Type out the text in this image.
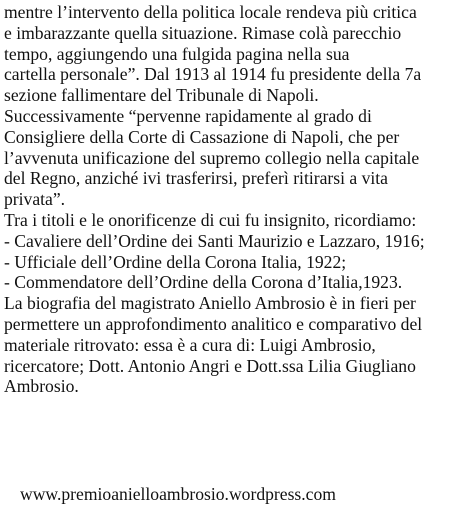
mentre l’intervento della politica locale rendeva più critica
e imbarazzante quella situazione. Rimase colà parecchio
tempo, aggiungendo una fulgida pagina nella sua
cartella personale”. Dal 1913 al 1914 fu presidente della 7a
sezione fallimentare del Tribunale di Napoli.
Successivamente “pervenne rapidamente al grado di
Consigliere della Corte di Cassazione di Napoli, che per
l’avvenuta unificazione del supremo collegio nella capitale
del Regno, anziché ivi trasferirsi, preferì ritirarsi a vita
privata”.
Tra i titoli e le onorificenze di cui fu insignito, ricordiamo:
- Cavaliere dell’Ordine dei Santi Maurizio e Lazzaro, 1916;
- Ufficiale dell’Ordine della Corona Italia, 1922;
- Commendatore dell’Ordine della Corona d’Italia,1923.
La biografia del magistrato Aniello Ambrosio è in fieri per
permettere un approfondimento analitico e comparativo del
materiale ritrovato: essa è a cura di: Luigi Ambrosio,
ricercatore; Dott. Antonio Angri e Dott.ssa Lilia Giugliano
Ambrosio.
www.premioanielloambrosio.wordpress.com
